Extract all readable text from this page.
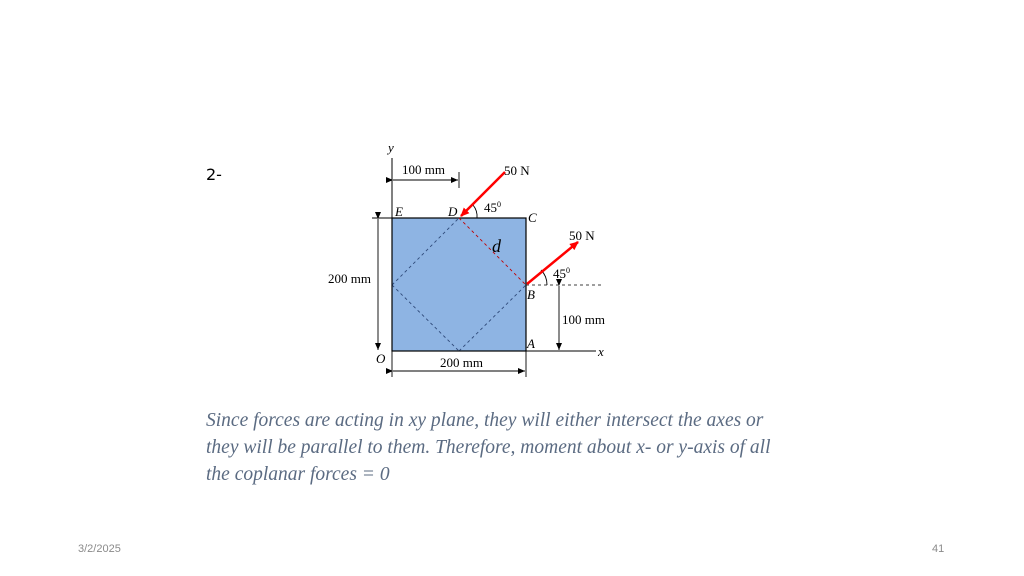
2-
y
x
O
E	D	C
B
A
d
100 mm
200 mm
200 mm
100 mm
50 N
$45^0$
50 N
$45^0$
Since forces are acting in xy plane, they will either intersect the axes or
they will be parallel to them. Therefore, moment about x- or y-axis of all
the coplanar forces = 0
3/2/2025	41
